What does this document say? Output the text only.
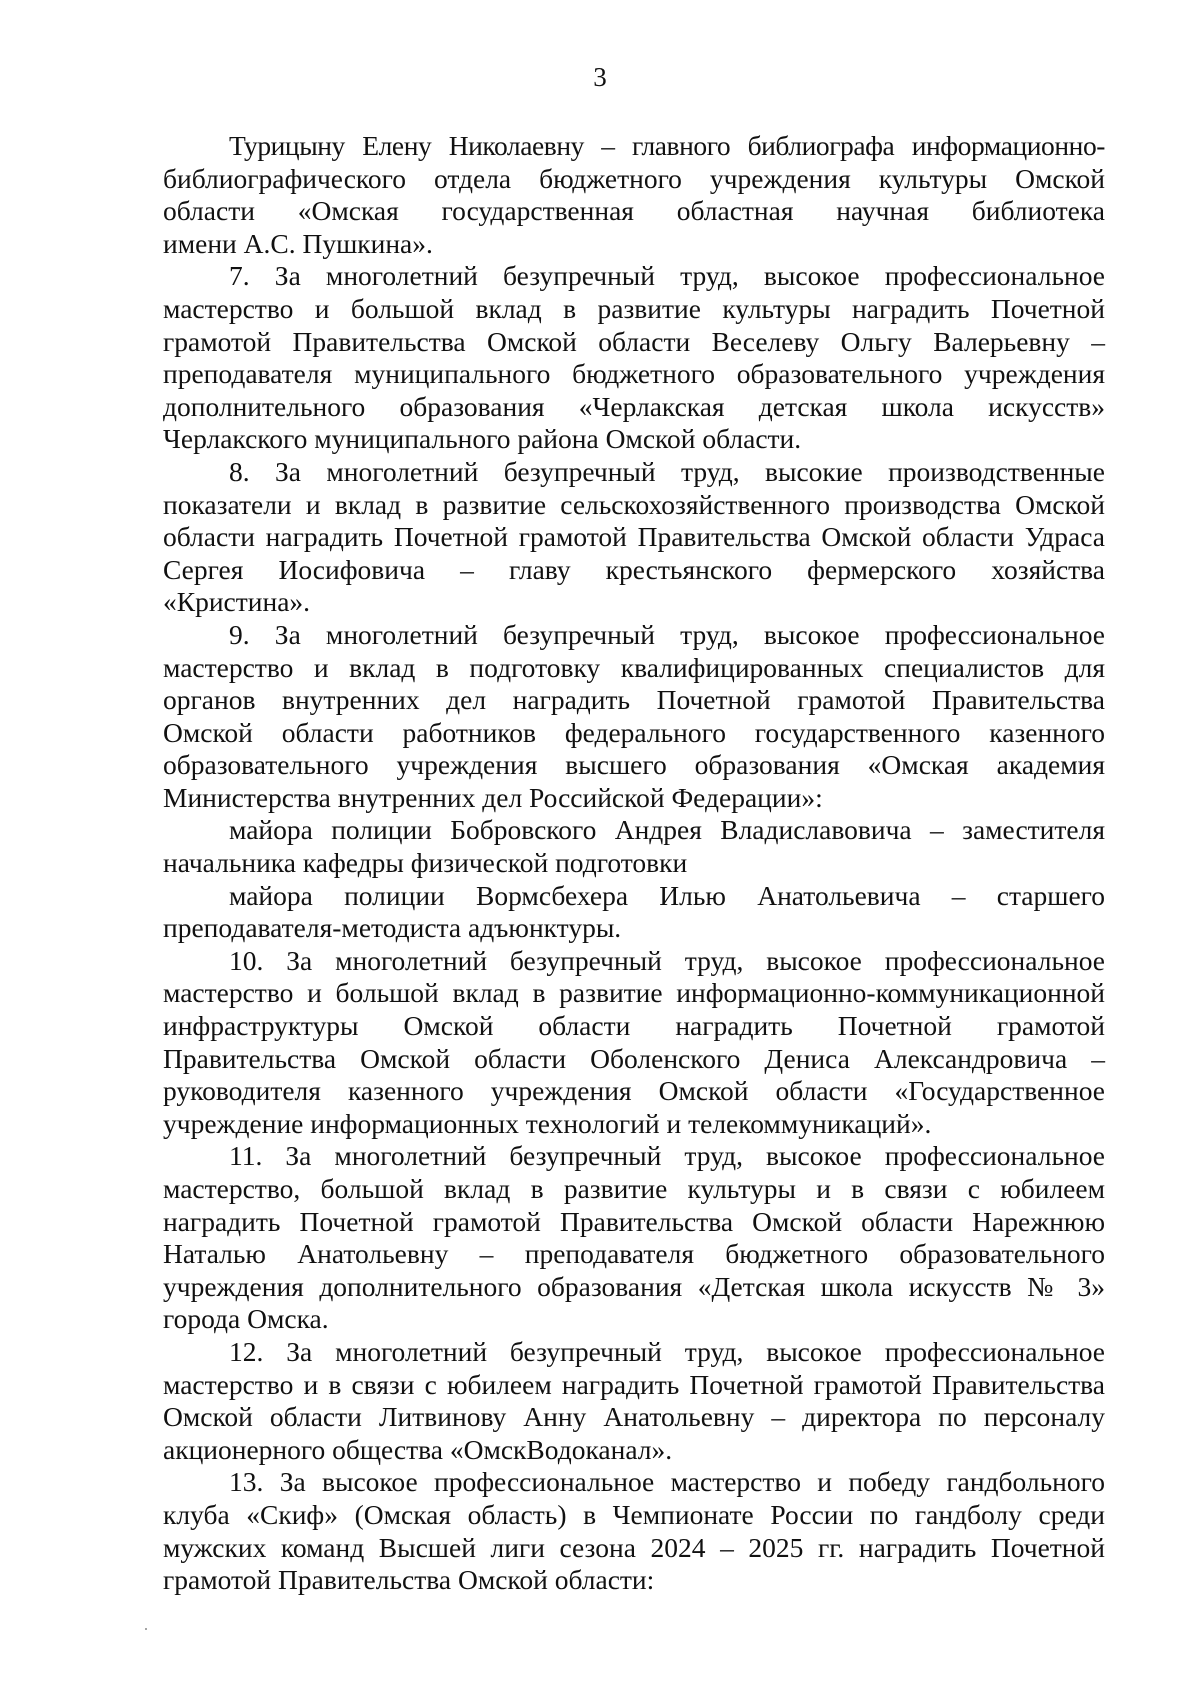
3
Турицыну Елену Николаевну – главного библиографа информационно-
библиографического отдела бюджетного учреждения культуры Омской
области «Омская государственная областная научная библиотека
имени А.С. Пушкина».
7. За многолетний безупречный труд, высокое профессиональное
мастерство и большой вклад в развитие культуры наградить Почетной
грамотой Правительства Омской области Веселеву Ольгу Валерьевну –
преподавателя муниципального бюджетного образовательного учреждения
дополнительного образования «Черлакская детская школа искусств»
Черлакского муниципального района Омской области.
8. За многолетний безупречный труд, высокие производственные
показатели и вклад в развитие сельскохозяйственного производства Омской
области наградить Почетной грамотой Правительства Омской области Удраса
Сергея Иосифовича – главу крестьянского фермерского хозяйства
«Кристина».
9. За многолетний безупречный труд, высокое профессиональное
мастерство и вклад в подготовку квалифицированных специалистов для
органов внутренних дел наградить Почетной грамотой Правительства
Омской области работников федерального государственного казенного
образовательного учреждения высшего образования «Омская академия
Министерства внутренних дел Российской Федерации»:
майора полиции Бобровского Андрея Владиславовича – заместителя
начальника кафедры физической подготовки
майора полиции Вормсбехера Илью Анатольевича – старшего
преподавателя-методиста адъюнктуры.
10. За многолетний безупречный труд, высокое профессиональное
мастерство и большой вклад в развитие информационно-коммуникационной
инфраструктуры Омской области наградить Почетной грамотой
Правительства Омской области Оболенского Дениса Александровича –
руководителя казенного учреждения Омской области «Государственное
учреждение информационных технологий и телекоммуникаций».
11. За многолетний безупречный труд, высокое профессиональное
мастерство, большой вклад в развитие культуры и в связи с юбилеем
наградить Почетной грамотой Правительства Омской области Нарежнюю
Наталью Анатольевну – преподавателя бюджетного образовательного
учреждения дополнительного образования «Детская школа искусств № 3»
города Омска.
12. За многолетний безупречный труд, высокое профессиональное
мастерство и в связи с юбилеем наградить Почетной грамотой Правительства
Омской области Литвинову Анну Анатольевну – директора по персоналу
акционерного общества «ОмскВодоканал».
13. За высокое профессиональное мастерство и победу гандбольного
клуба «Скиф» (Омская область) в Чемпионате России по гандболу среди
мужских команд Высшей лиги сезона 2024 – 2025 гг. наградить Почетной
грамотой Правительства Омской области:
